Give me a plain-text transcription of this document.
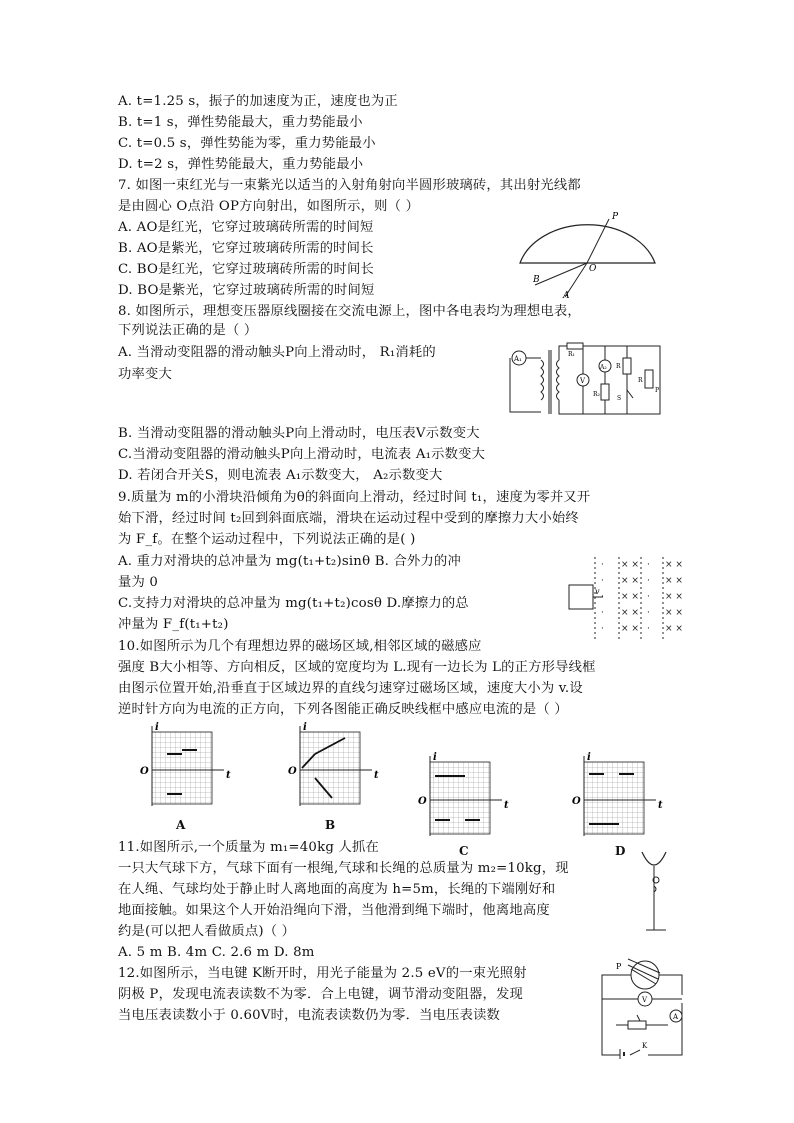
A. t=1.25 s，振子的加速度为正，速度也为正
B. t=1 s，弹性势能最大，重力势能最小
C. t=0.5 s，弹性势能为零，重力势能最小
D. t=2 s，弹性势能最大，重力势能最小
7. 如图一束红光与一束紫光以适当的入射角射向半圆形玻璃砖，其出射光线都
是由圆心 O点沿 OP方向射出，如图所示，则（ ）
A. AO是红光，它穿过玻璃砖所需的时间短
B. AO是紫光，它穿过玻璃砖所需的时间长
C. BO是红光，它穿过玻璃砖所需的时间长
D. BO是紫光，它穿过玻璃砖所需的时间短
8. 如图所示，理想变压器原线圈接在交流电源上，图中各电表均为理想电表，
下列说法正确的是（ ）
A. 当滑动变阻器的滑动触头P向上滑动时， R₁消耗的
功率变大
B. 当滑动变阻器的滑动触头P向上滑动时，电压表V示数变大
C.当滑动变阻器的滑动触头P向上滑动时，电流表 A₁示数变大
D. 若闭合开关S，则电流表 A₁示数变大， A₂示数变大
9.质量为 m的小滑块沿倾角为θ的斜面向上滑动，经过时间 t₁，速度为零并又开
始下滑，经过时间 t₂回到斜面底端，滑块在运动过程中受到的摩擦力大小始终
为 F_f。在整个运动过程中，下列说法正确的是( )
A. 重力对滑块的总冲量为 mg(t₁+t₂)sinθ B. 合外力的冲
量为 0
C.支持力对滑块的总冲量为 mg(t₁+t₂)cosθ D.摩擦力的总
冲量为 F_f(t₁+t₂)
10.如图所示为几个有理想边界的磁场区域,相邻区域的磁感应
强度 B大小相等、方向相反，区域的宽度均为 L.现有一边长为 L的正方形导线框
由图示位置开始,沿垂直于区域边界的直线匀速穿过磁场区域，速度大小为 v.设
逆时针方向为电流的正方向，下列各图能正确反映线框中感应电流的是（ ）
11.如图所示,一个质量为 m₁=40kg 人抓在
一只大气球下方，气球下面有一根绳,气球和长绳的总质量为 m₂=10kg，现
在人绳、气球均处于静止时人离地面的高度为 h=5m，长绳的下端刚好和
地面接触。如果这个人开始沿绳向下滑，当他滑到绳下端时，他离地高度
约是(可以把人看做质点)（ ）
A. 5 m B. 4m C. 2.6 m D. 8m
12.如图所示，当电键 K断开时，用光子能量为 2.5 eV的一束光照射
阴极 P，发现电流表读数不为零．合上电键，调节滑动变阻器，发现
当电压表读数小于 0.60V时，电流表读数仍为零．当电压表读数
P
O
B
A
A₁
R₁
V
A₂
R₂
R
S
R
P
v
× ×
× ×
× ×
× ×
× ×
× ×
× ×
× ×
× ×
× ×
·
·
·
·
·
·
·
·
·
·
i
t
O
i
t
O
i
t
O
i
t
O
A	B
C	D
P
V
A
K
